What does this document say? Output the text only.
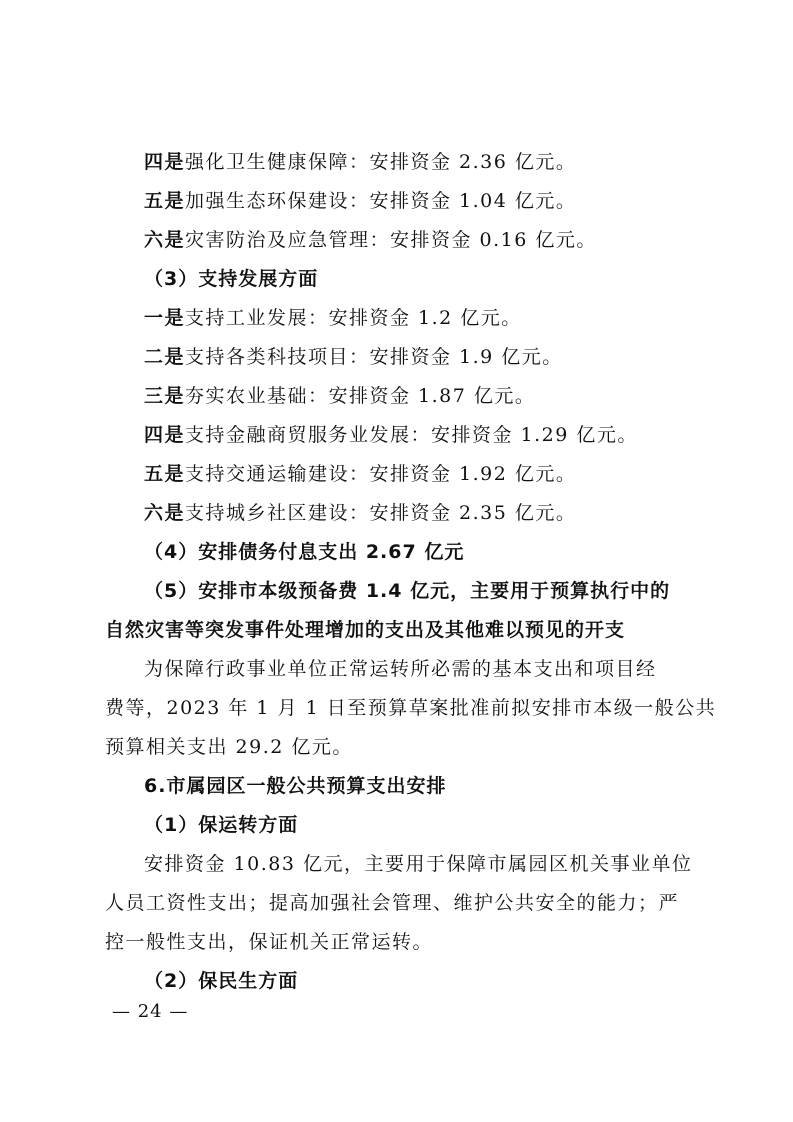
四是强化卫生健康保障：安排资金 2.36 亿元。
五是加强生态环保建设：安排资金 1.04 亿元。
六是灾害防治及应急管理：安排资金 0.16 亿元。
（3）支持发展方面
一是支持工业发展：安排资金 1.2 亿元。
二是支持各类科技项目：安排资金 1.9 亿元。
三是夯实农业基础：安排资金 1.87 亿元。
四是支持金融商贸服务业发展：安排资金 1.29 亿元。
五是支持交通运输建设：安排资金 1.92 亿元。
六是支持城乡社区建设：安排资金 2.35 亿元。
（4）安排债务付息支出 2.67 亿元
（5）安排市本级预备费 1.4 亿元，主要用于预算执行中的
自然灾害等突发事件处理增加的支出及其他难以预见的开支
为保障行政事业单位正常运转所必需的基本支出和项目经
费等，2023 年 1 月 1 日至预算草案批准前拟安排市本级一般公共
预算相关支出 29.2 亿元。
6.市属园区一般公共预算支出安排
（1）保运转方面
安排资金 10.83 亿元，主要用于保障市属园区机关事业单位
人员工资性支出；提高加强社会管理、维护公共安全的能力；严
控一般性支出，保证机关正常运转。
（2）保民生方面
— 24 —
